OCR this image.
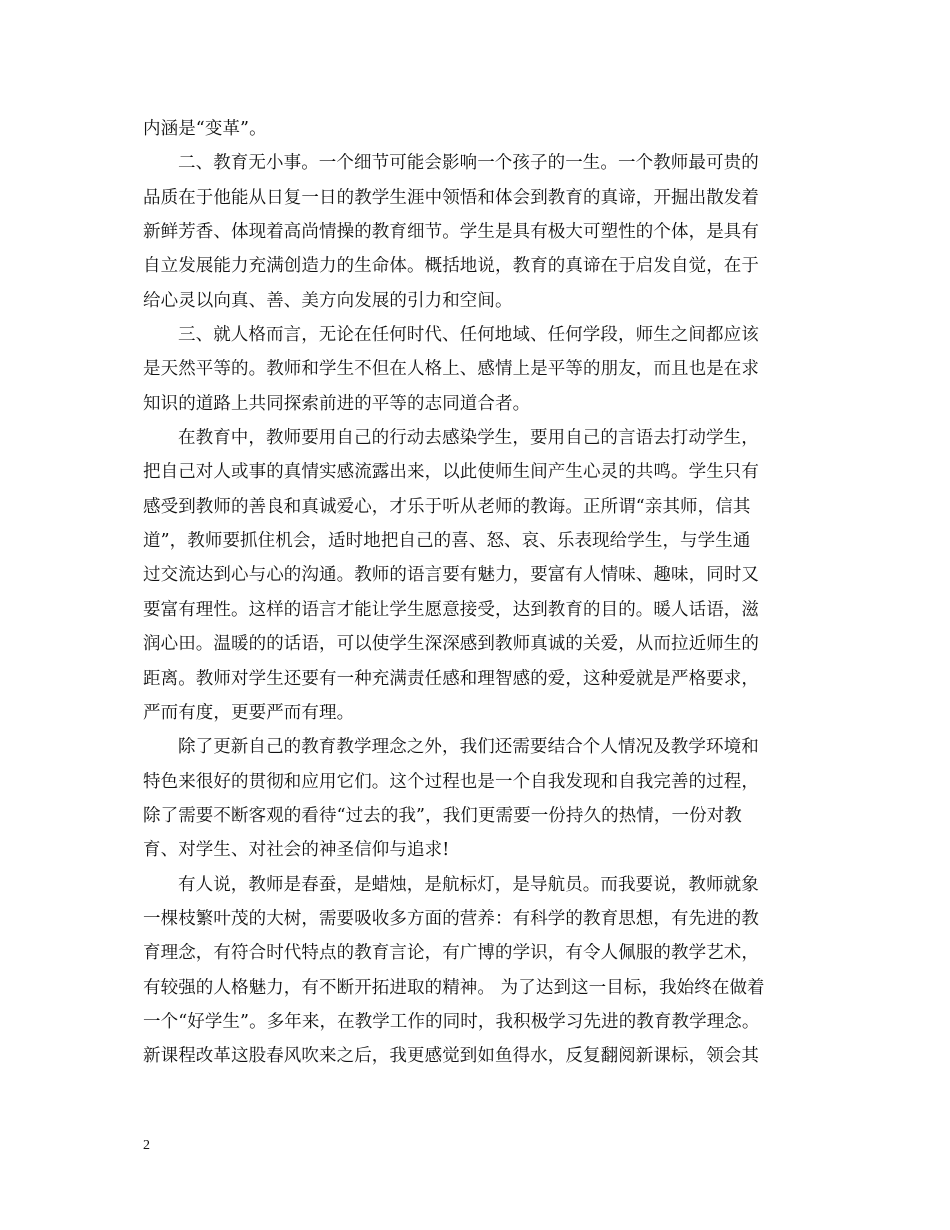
内涵是“变革”。
二、教育无小事。一个细节可能会影响一个孩子的一生。一个教师最可贵的
品质在于他能从日复一日的教学生涯中领悟和体会到教育的真谛，开掘出散发着
新鲜芳香、体现着高尚情操的教育细节。学生是具有极大可塑性的个体，是具有
自立发展能力充满创造力的生命体。概括地说，教育的真谛在于启发自觉，在于
给心灵以向真、善、美方向发展的引力和空间。
三、就人格而言，无论在任何时代、任何地域、任何学段，师生之间都应该
是天然平等的。教师和学生不但在人格上、感情上是平等的朋友，而且也是在求
知识的道路上共同探索前进的平等的志同道合者。
在教育中，教师要用自己的行动去感染学生，要用自己的言语去打动学生，
把自己对人或事的真情实感流露出来，以此使师生间产生心灵的共鸣。学生只有
感受到教师的善良和真诚爱心，才乐于听从老师的教诲。正所谓“亲其师，信其
道”，教师要抓住机会，适时地把自己的喜、怒、哀、乐表现给学生，与学生通
过交流达到心与心的沟通。教师的语言要有魅力，要富有人情味、趣味，同时又
要富有理性。这样的语言才能让学生愿意接受，达到教育的目的。暖人话语，滋
润心田。温暖的的话语，可以使学生深深感到教师真诚的关爱，从而拉近师生的
距离。教师对学生还要有一种充满责任感和理智感的爱，这种爱就是严格要求，
严而有度，更要严而有理。
除了更新自己的教育教学理念之外，我们还需要结合个人情况及教学环境和
特色来很好的贯彻和应用它们。这个过程也是一个自我发现和自我完善的过程，
除了需要不断客观的看待“过去的我”，我们更需要一份持久的热情，一份对教
育、对学生、对社会的神圣信仰与追求!
有人说，教师是春蚕，是蜡烛，是航标灯，是导航员。而我要说，教师就象
一棵枝繁叶茂的大树，需要吸收多方面的营养：有科学的教育思想，有先进的教
育理念，有符合时代特点的教育言论，有广博的学识，有令人佩服的教学艺术，
有较强的人格魅力，有不断开拓进取的精神。 为了达到这一目标，我始终在做着
一个“好学生”。多年来，在教学工作的同时，我积极学习先进的教育教学理念。
新课程改革这股春风吹来之后，我更感觉到如鱼得水，反复翻阅新课标，领会其
2
